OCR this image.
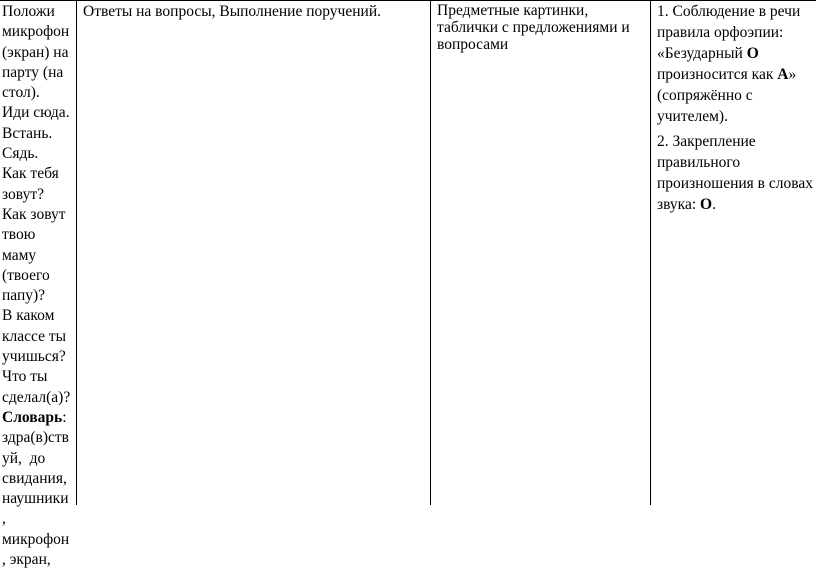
Положи
микрофон
(экран) на
парту (на
стол).
Иди сюда.
Встань.
Сядь.
Как тебя
зовут?
Как зовут
твою
маму
(твоего
папу)?
В каком
классе ты
учишься?
Что ты
сделал(а)?
Словарь:
здра(в)ств
уй,  до
свидания,
наушники
,
микрофон
, экран,
Ответы на вопросы, Выполнение поручений.	Предметные картинки, таблички с предложениями и вопросами
1. Соблюдение в речи
правила орфоэпии:
«Безударный О
произносится как А»
(сопряжённо с
учителем).
2. Закрепление
правильного
произношения в словах
звука: О.
